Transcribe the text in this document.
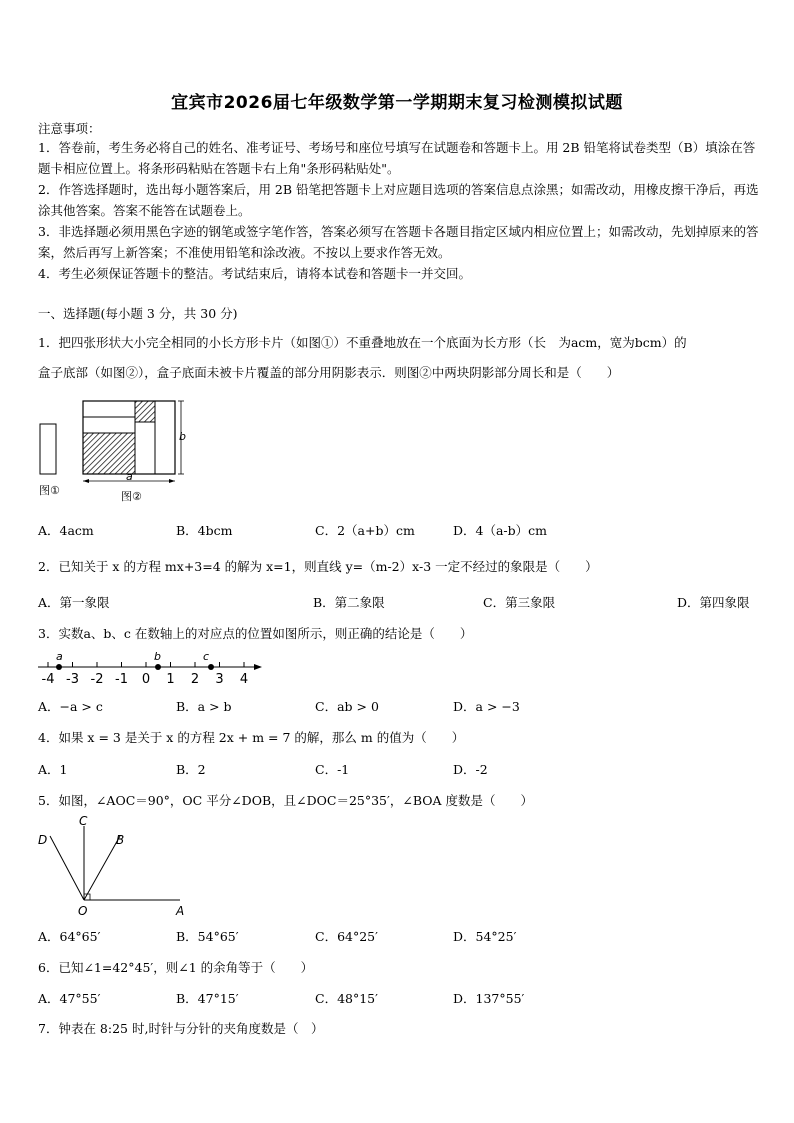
宜宾市2026届七年级数学第一学期期末复习检测模拟试题
注意事项：
1．答卷前，考生务必将自己的姓名、准考证号、考场号和座位号填写在试题卷和答题卡上。用 2B 铅笔将试卷类型（B）填涂在答题卡相应位置上。将条形码粘贴在答题卡右上角"条形码粘贴处"。
2．作答选择题时，选出每小题答案后，用 2B 铅笔把答题卡上对应题目选项的答案信息点涂黑；如需改动，用橡皮擦干净后，再选涂其他答案。答案不能答在试题卷上。
3．非选择题必须用黑色字迹的钢笔或签字笔作答，答案必须写在答题卡各题目指定区域内相应位置上；如需改动，先划掉原来的答案，然后再写上新答案；不准使用铅笔和涂改液。不按以上要求作答无效。
4．考生必须保证答题卡的整洁。考试结束后，请将本试卷和答题卡一并交回。
一、选择题(每小题 3 分，共 30 分)
1．把四张形状大小完全相同的小长方形卡片（如图①）不重叠地放在一个底面为长方形（长　为acm，宽为bcm）的
盒子底部（如图②），盒子底面未被卡片覆盖的部分用阴影表示．则图②中两块阴影部分周长和是（　　）
图①
b
a
图②
A．4acm	B．4bcm	C．2（a+b）cm	D．4（a-b）cm
2．已知关于 x 的方程 mx+3=4 的解为 x=1，则直线 y=（m-2）x-3 一定不经过的象限是（　　）
A．第一象限	B．第二象限	C．第三象限	D．第四象限
3．实数a、b、c 在数轴上的对应点的位置如图所示，则正确的结论是（　　）
-4 -3 -2 -1 0 1 2 3 4
a	b	c
A．−a > c	B．a > b	C．ab > 0	D．a > −3
4．如果 x = 3 是关于 x 的方程 2x + m = 7 的解，那么 m 的值为（　　）
A．1	B．2	C．-1	D．-2
5．如图，∠AOC＝90°，OC 平分∠DOB，且∠DOC＝25°35′，∠BOA 度数是（　　）
C
D	B
O	A
A．64°65′	B．54°65′	C．64°25′	D．54°25′
6．已知∠1=42°45′，则∠1 的余角等于（　　）
A．47°55′	B．47°15′	C．48°15′	D．137°55′
7．钟表在 8:25 时,时针与分针的夹角度数是（　）
